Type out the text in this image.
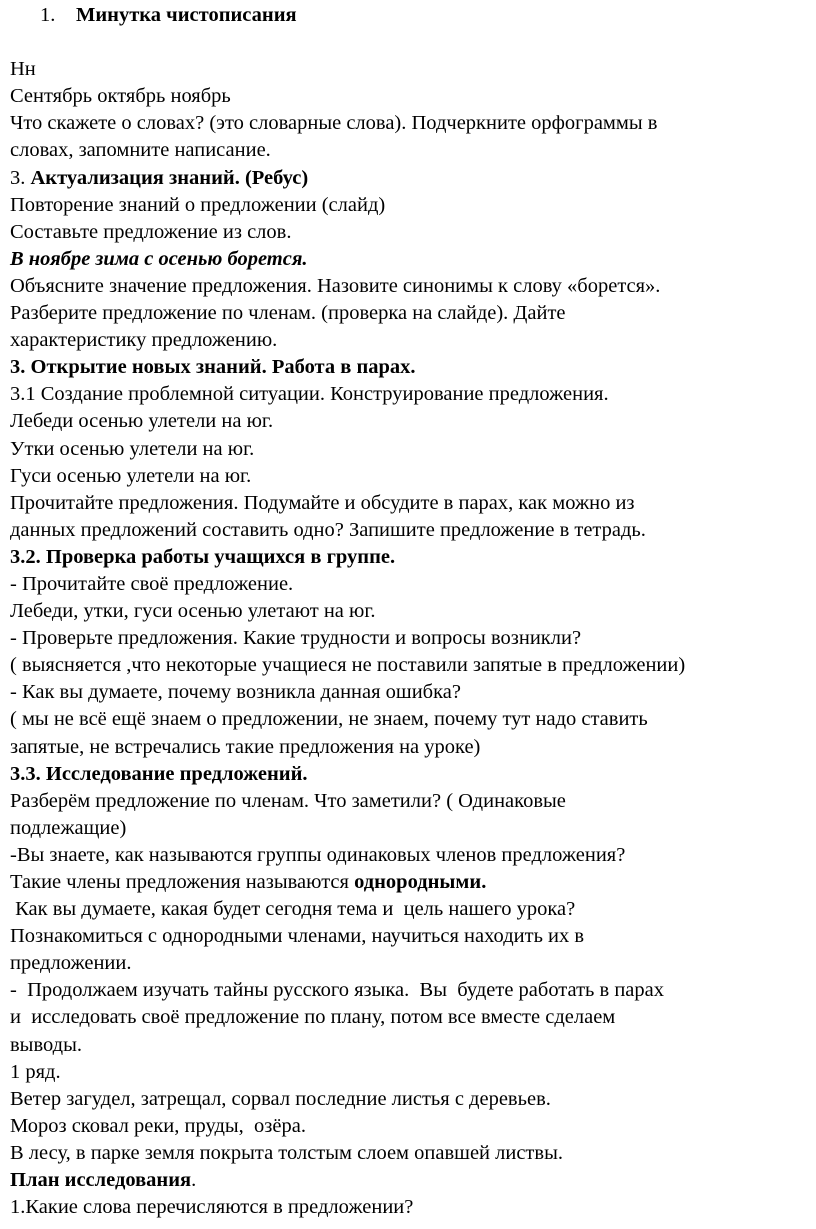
1. Минутка чистописания
Нн
Сентябрь октябрь ноябрь
Что скажете о словах? (это словарные слова). Подчеркните орфограммы в
словах, запомните написание.
3. Актуализация знаний. (Ребус)
Повторение знаний о предложении (слайд)
Составьте предложение из слов.
В ноябре зима с осенью борется.
Объясните значение предложения. Назовите синонимы к слову «борется».
Разберите предложение по членам. (проверка на слайде). Дайте
характеристику предложению.
3. Открытие новых знаний. Работа в парах.
3.1 Создание проблемной ситуации. Конструирование предложения.
Лебеди осенью улетели на юг.
Утки осенью улетели на юг.
Гуси осенью улетели на юг.
Прочитайте предложения. Подумайте и обсудите в парах, как можно из
данных предложений составить одно? Запишите предложение в тетрадь.
3.2. Проверка работы учащихся в группе.
- Прочитайте своё предложение.
Лебеди, утки, гуси осенью улетают на юг.
- Проверьте предложения. Какие трудности и вопросы возникли?
( выясняется ,что некоторые учащиеся не поставили запятые в предложении)
- Как вы думаете, почему возникла данная ошибка?
( мы не всё ещё знаем о предложении, не знаем, почему тут надо ставить
запятые, не встречались такие предложения на уроке)
3.3. Исследование предложений.
Разберём предложение по членам. Что заметили? ( Одинаковые
подлежащие)
-Вы знаете, как называются группы одинаковых членов предложения?
Такие члены предложения называются однородными.
Как вы думаете, какая будет сегодня тема и  цель нашего урока?
Познакомиться с однородными членами, научиться находить их в
предложении.
-  Продолжаем изучать тайны русского языка.  Вы  будете работать в парах
и  исследовать своё предложение по плану, потом все вместе сделаем
выводы.
1 ряд.
Ветер загудел, затрещал, сорвал последние листья с деревьев.
Мороз сковал реки, пруды,  озёра.
В лесу, в парке земля покрыта толстым слоем опавшей листвы.
План исследования.
1.Какие слова перечисляются в предложении?
